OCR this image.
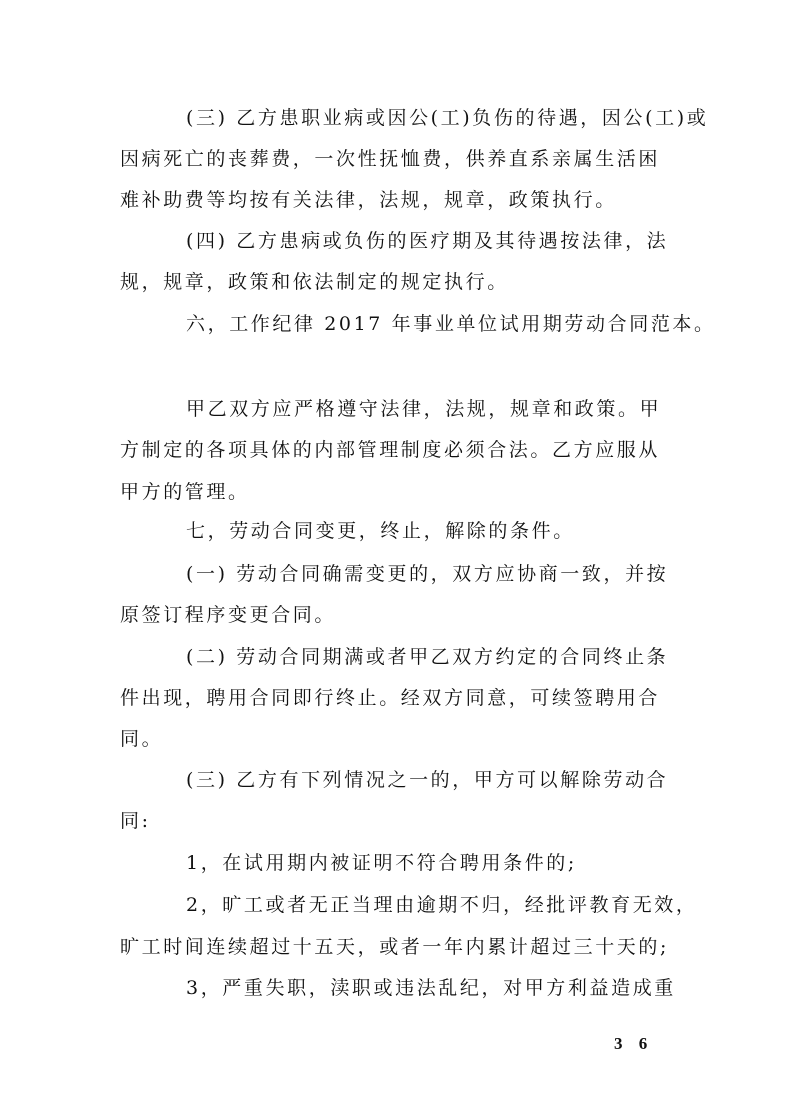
(三) 乙方患职业病或因公(工)负伤的待遇，因公(工)或
因病死亡的丧葬费，一次性抚恤费，供养直系亲属生活困
难补助费等均按有关法律，法规，规章，政策执行。
(四) 乙方患病或负伤的医疗期及其待遇按法律，法
规，规章，政策和依法制定的规定执行。
六，工作纪律 2017 年事业单位试用期劳动合同范本。
甲乙双方应严格遵守法律，法规，规章和政策。甲
方制定的各项具体的内部管理制度必须合法。乙方应服从
甲方的管理。
七，劳动合同变更，终止，解除的条件。
(一) 劳动合同确需变更的，双方应协商一致，并按
原签订程序变更合同。
(二) 劳动合同期满或者甲乙双方约定的合同终止条
件出现，聘用合同即行终止。经双方同意，可续签聘用合
同。
(三) 乙方有下列情况之一的，甲方可以解除劳动合
同:
1，在试用期内被证明不符合聘用条件的;
2，旷工或者无正当理由逾期不归，经批评教育无效，
旷工时间连续超过十五天，或者一年内累计超过三十天的;
3，严重失职，渎职或违法乱纪，对甲方利益造成重
3 6
